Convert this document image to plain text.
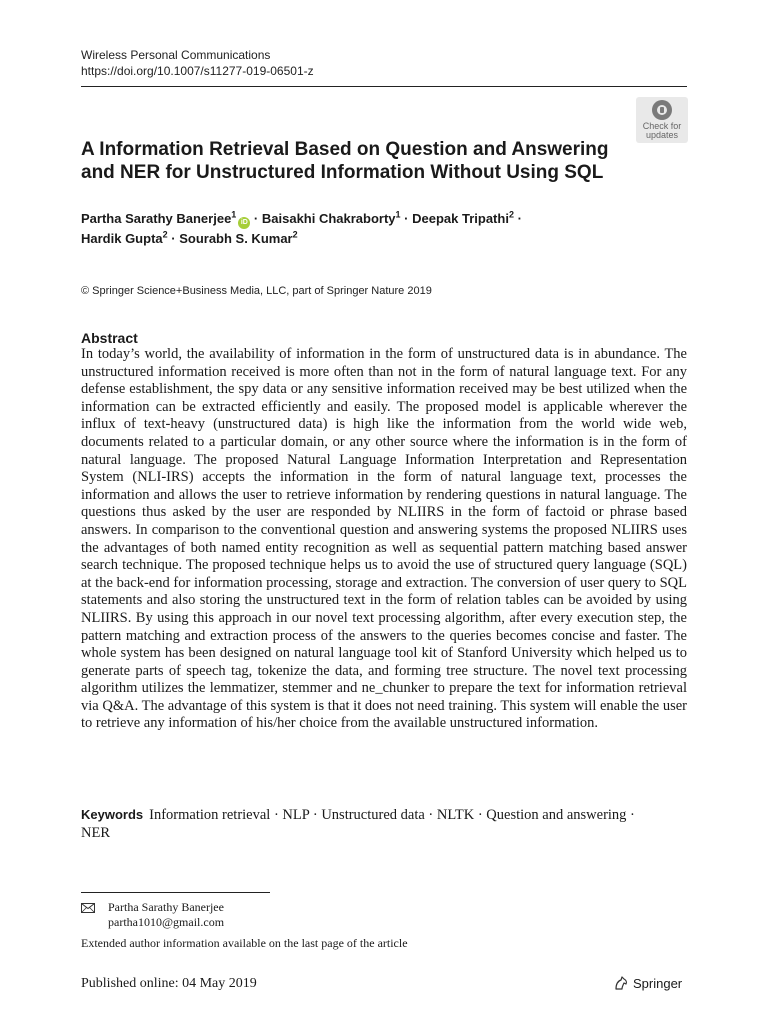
Wireless Personal Communications
https://doi.org/10.1007/s11277-019-06501-z
Check for
updates
A Information Retrieval Based on Question and Answering and NER for Unstructured Information Without Using SQL
Partha Sarathy Banerjee$^1$iD · Baisakhi Chakraborty$^1$ · Deepak Tripathi$^2$ ·
Hardik Gupta$^2$ · Sourabh S. Kumar$^2$
© Springer Science+Business Media, LLC, part of Springer Nature 2019
Abstract

In today’s world, the availability of information in the form of unstructured data is in abundance. The unstructured information received is more often than not in the form of natural language text. For any defense establishment, the spy data or any sensitive information received may be best utilized when the information can be extracted efficiently and easily. The proposed model is applicable wherever the influx of text-heavy (unstructured data) is high like the information from the world wide web, documents related to a particular domain, or any other source where the information is in the form of natural language. The proposed Natural Language Information Interpretation and Representation System (NLI-IRS) accepts the information in the form of natural language text, processes the information and allows the user to retrieve information by rendering questions in natural language. The questions thus asked by the user are responded by NLIIRS in the form of factoid or phrase based answers. In comparison to the conventional question and answering systems the proposed NLIIRS uses the advantages of both named entity recognition as well as sequential pattern matching based answer search technique. The proposed technique helps us to avoid the use of structured query language (SQL) at the back-end for information processing, storage and extraction. The conversion of user query to SQL statements and also storing the unstructured text in the form of relation tables can be avoided by using NLIIRS. By using this approach in our novel text processing algorithm, after every execution step, the pattern matching and extraction process of the answers to the queries becomes concise and faster. The whole system has been designed on natural language tool kit of Stanford University which helped us to generate parts of speech tag, tokenize the data, and forming tree structure. The novel text processing algorithm utilizes the lemmatizer, stemmer and ne_chunker to prepare the text for information retrieval via Q&A. The advantage of this system is that it does not need training. This system will enable the user to retrieve any information of his/her choice from the available unstructured information.

Keywords Information retrieval · NLP · Unstructured data · NLTK · Question and answering · NER
Partha Sarathy Banerjee
partha1010@gmail.com
Extended author information available on the last page of the article
Published online: 04 May 2019	Springer
